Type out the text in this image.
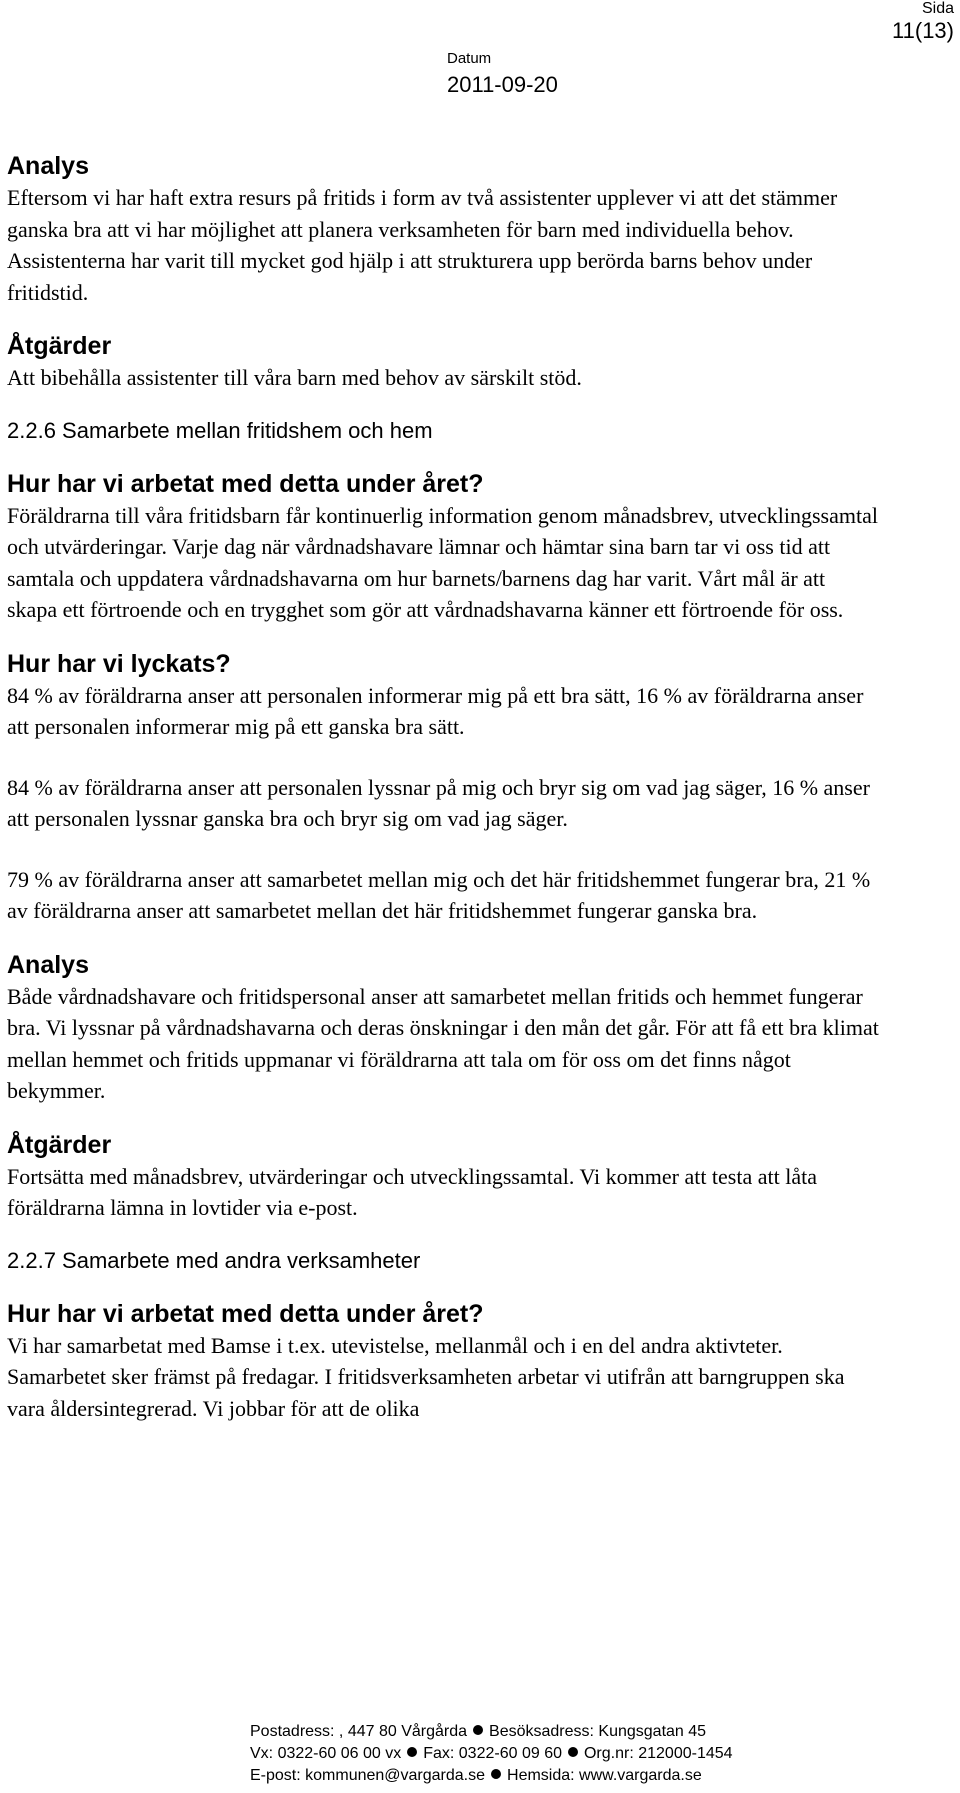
Sida
11(13)
Datum
2011-09-20
Analys

Eftersom vi har haft extra resurs på fritids i form av två assistenter upplever vi att det stämmer ganska bra att vi har möjlighet att planera verksamheten för barn med individuella behov. Assistenterna har varit till mycket god hjälp i att strukturera upp berörda barns behov under fritidstid.

Åtgärder

Att bibehålla assistenter till våra barn med behov av särskilt stöd.

2.2.6 Samarbete mellan fritidshem och hem
Hur har vi arbetat med detta under året?

Föräldrarna till våra fritidsbarn får kontinuerlig information genom månadsbrev, utvecklingssamtal och utvärderingar. Varje dag när vårdnadshavare lämnar och hämtar sina barn tar vi oss tid att samtala och uppdatera vårdnadshavarna om hur barnets/barnens dag har varit. Vårt mål är att skapa ett förtroende och en trygghet som gör att vårdnadshavarna känner ett förtroende för oss.

Hur har vi lyckats?

84 % av föräldrarna anser att personalen informerar mig på ett bra sätt, 16 % av föräldrarna anser att personalen informerar mig på ett ganska bra sätt.

84 % av föräldrarna anser att personalen lyssnar på mig och bryr sig om vad jag säger, 16 % anser att personalen lyssnar ganska bra och bryr sig om vad jag säger.

79 % av föräldrarna anser att samarbetet mellan mig och det här fritidshemmet fungerar bra, 21 % av föräldrarna anser att samarbetet mellan det här fritidshemmet fungerar ganska bra.

Analys

Både vårdnadshavare och fritidspersonal anser att samarbetet mellan fritids och hemmet fungerar bra. Vi lyssnar på vårdnadshavarna och deras önskningar i den mån det går. För att få ett bra klimat mellan hemmet och fritids uppmanar vi föräldrarna att tala om för oss om det finns något bekymmer.

Åtgärder

Fortsätta med månadsbrev, utvärderingar och utvecklingssamtal. Vi kommer att testa att låta föräldrarna lämna in lovtider via e-post.

2.2.7 Samarbete med andra verksamheter
Hur har vi arbetat med detta under året?

Vi har samarbetat med Bamse i t.ex. utevistelse, mellanmål och i en del andra aktivteter. Samarbetet sker främst på fredagar. I fritidsverksamheten arbetar vi utifrån att barngruppen ska vara åldersintegrerad. Vi jobbar för att de olika

Postadress: , 447 80 Vårgårda Besöksadress: Kungsgatan 45
Vx: 0322-60 06 00 vx Fax: 0322-60 09 60 Org.nr: 212000-1454
E-post: kommunen@vargarda.se Hemsida: www.vargarda.se
